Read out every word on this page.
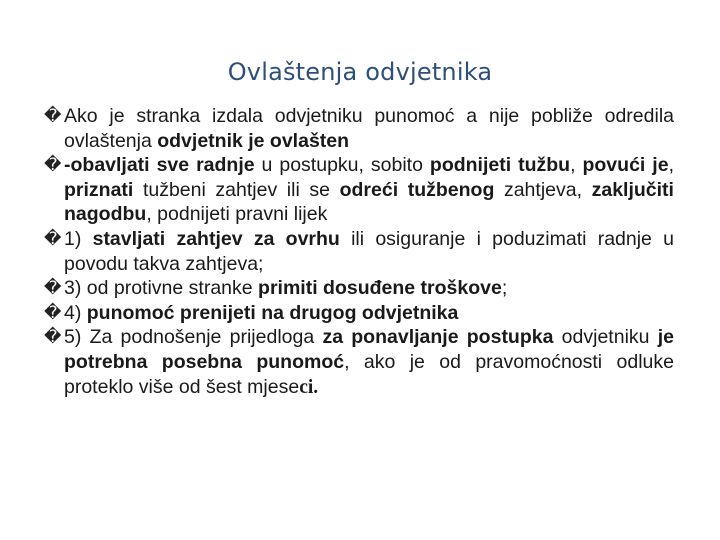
Ovlaštenja odvjetnika

� Ako je stranka izdala odvjetniku punomoć a nije pobliže odredila ovlaštenja odvjetnik je ovlašten

� -obavljati sve radnje u postupku, sobito podnijeti tužbu, povući je, priznati tužbeni zahtjev ili se odreći tužbenog zahtjeva, zaključiti nagodbu, podnijeti pravni lijek

� 1) stavljati zahtjev za ovrhu ili osiguranje i poduzimati radnje u povodu takva zahtjeva;

� 3) od protivne stranke primiti dosuđene troškove;

� 4) punomoć prenijeti na drugog odvjetnika

� 5) Za podnošenje prijedloga za ponavljanje postupka odvjetniku je potrebna posebna punomoć, ako je od pravomoćnosti odluke proteklo više od šest mjeseci.
